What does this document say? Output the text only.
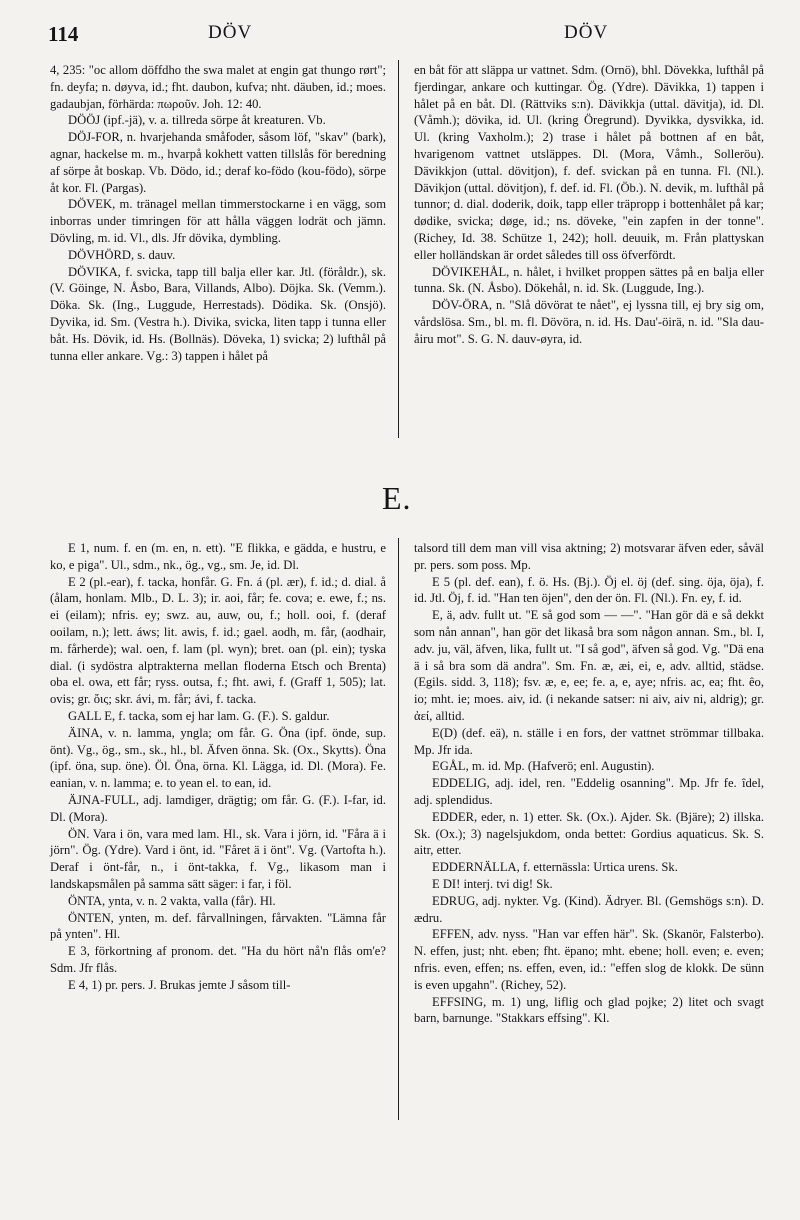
114	DÖV	DÖV

4, 235: "oc allom döffdho the swa malet at engin gat thungo rørt"; fn. deyfa; n. døyva, id.; fht. daubon, kufva; nht. däuben, id.; moes. gadaubjan, förhärda: πωροῦν. Joh. 12: 40.

DÖÖJ (ipf.-jä), v. a. tillreda sörpe åt kreaturen. Vb.

DÖJ-FOR, n. hvarjehanda småfoder, såsom löf, "skav" (bark), agnar, hackelse m. m., hvarpå kokhett vatten tillslås för beredning af sörpe åt boskap. Vb. Dödo, id.; deraf ko-födo (kou-födo), sörpe åt kor. Fl. (Pargas).

DÖVEK, m. tränagel mellan timmerstockarne i en vägg, som inborras under timringen för att hålla väggen lodrät och jämn. Dövling, m. id. Vl., dls. Jfr dövika, dymbling.

DÖVHÖRD, s. dauv.

DÖVIKA, f. svicka, tapp till balja eller kar. Jtl. (föråldr.), sk. (V. Göinge, N. Åsbo, Bara, Villands, Albo). Döjka. Sk. (Vemm.). Döka. Sk. (Ing., Luggude, Herrestads). Dödika. Sk. (Onsjö). Dyvika, id. Sm. (Vestra h.). Divika, svicka, liten tapp i tunna eller båt. Hs. Dövik, id. Hs. (Bollnäs). Döveka, 1) svicka; 2) lufthål på tunna eller ankare. Vg.: 3) tappen i hålet på

en båt för att släppa ur vattnet. Sdm. (Ornö), bhl. Dövekka, lufthål på fjerdingar, ankare och kuttingar. Ög. (Ydre). Dävikka, 1) tappen i hålet på en båt. Dl. (Rättviks s:n). Dävikkja (uttal. dävitja), id. Dl. (Våmh.); dövika, id. Ul. (kring Öregrund). Dyvikka, dysvikka, id. Ul. (kring Vaxholm.); 2) trase i hålet på bottnen af en båt, hvarigenom vattnet utsläppes. Dl. (Mora, Våmh., Solleröu). Dävikkjon (uttal. dövitjon), f. def. svickan på en tunna. Fl. (Nl.). Dävikjon (uttal. dövitjon), f. def. id. Fl. (Öb.). N. devik, m. lufthål på tunnor; d. dial. doderik, doik, tapp eller träpropp i bottenhålet på kar; dødike, svicka; døge, id.; ns. döveke, "ein zapfen in der tonne". (Richey, Id. 38. Schütze 1, 242); holl. deuuik, m. Från plattyskan eller holländskan är ordet således till oss öfverfördt.

DÖVIKEHÅL, n. hålet, i hvilket proppen sättes på en balja eller tunna. Sk. (N. Åsbo). Dökehål, n. id. Sk. (Luggude, Ing.).

DÖV-ÖRA, n. "Slå dövörat te nået", ej lyssna till, ej bry sig om, vårdslösa. Sm., bl. m. fl. Dövöra, n. id. Hs. Dau'-öirä, n. id. "Sla dau-åiru mot". S. G. N. dauv-øyra, id.

E.

E 1, num. f. en (m. en, n. ett). "E flikka, e gädda, e hustru, e ko, e piga". Ul., sdm., nk., ög., vg., sm. Je, id. Dl.

E 2 (pl.-ear), f. tacka, honfår. G. Fn. á (pl. ær), f. id.; d. dial. å (ålam, honlam. Mlb., D. L. 3); ir. aoi, får; fe. cova; e. ewe, f.; ns. ei (eilam); nfris. ey; swz. au, auw, ou, f.; holl. ooi, f. (deraf ooilam, n.); lett. áws; lit. awis, f. id.; gael. aodh, m. får, (aodhair, m. fårherde); wal. oen, f. lam (pl. wyn); bret. oan (pl. ein); tyska dial. (i sydöstra alptrakterna mellan floderna Etsch och Brenta) oba el. owa, ett får; ryss. outsa, f.; fht. awi, f. (Graff 1, 505); lat. ovis; gr. ὄις; skr. ávi, m. får; ávi, f. tacka.

GALL E, f. tacka, som ej har lam. G. (F.). S. galdur.

ÄINA, v. n. lamma, yngla; om får. G. Öna (ipf. önde, sup. önt). Vg., ög., sm., sk., hl., bl. Äfven önna. Sk. (Ox., Skytts). Öna (ipf. öna, sup. öne). Öl. Öna, örna. Kl. Lägga, id. Dl. (Mora). Fe. eanian, v. n. lamma; e. to yean el. to ean, id.

ÄJNA-FULL, adj. lamdiger, drägtig; om får. G. (F.). I-far, id. Dl. (Mora).

ÖN. Vara i ön, vara med lam. Hl., sk. Vara i jörn, id. "Fåra ä i jörn". Ög. (Ydre). Vard i önt, id. "Fåret ä i önt". Vg. (Vartofta h.). Deraf i önt-får, n., i önt-takka, f. Vg., likasom man i landskapsmålen på samma sätt säger: i far, i föl.

ÖNTA, ynta, v. n. 2 vakta, valla (får). Hl.

ÖNTEN, ynten, m. def. fårvallningen, fårvakten. "Lämna får på ynten". Hl.

E 3, förkortning af pronom. det. "Ha du hört nå'n flås om'e? Sdm. Jfr flås.

E 4, 1) pr. pers. J. Brukas jemte J såsom till-

talsord till dem man vill visa aktning; 2) motsvarar äfven eder, såväl pr. pers. som poss. Mp.

E 5 (pl. def. ean), f. ö. Hs. (Bj.). Öj el. öj (def. sing. öja, öja), f. id. Jtl. Öj, f. id. "Han ten öjen", den der ön. Fl. (Nl.). Fn. ey, f. id.

E, ä, adv. fullt ut. "E så god som — —". "Han gör dä e så dekkt som nån annan", han gör det likaså bra som någon annan. Sm., bl. I, adv. ju, väl, äfven, lika, fullt ut. "I så god", äfven så god. Vg. "Dä ena ä i så bra som dä andra". Sm. Fn. æ, æi, ei, e, adv. alltid, städse. (Egils. sidd. 3, 118); fsv. æ, e, ee; fe. a, e, aye; nfris. ac, ea; fht. êo, io; mht. ie; moes. aiv, id. (i nekande satser: ni aiv, aiv ni, aldrig); gr. ἀεί, alltid.

E(D) (def. eä), n. ställe i en fors, der vattnet strömmar tillbaka. Mp. Jfr ida.

EGÅL, m. id. Mp. (Hafverö; enl. Augustin).

EDDELIG, adj. idel, ren. "Eddelig osanning". Mp. Jfr fe. îdel, adj. splendidus.

EDDER, eder, n. 1) etter. Sk. (Ox.). Ajder. Sk. (Bjäre); 2) illska. Sk. (Ox.); 3) nagelsjukdom, onda bettet: Gordius aquaticus. Sk. S. aitr, etter.

EDDERNÄLLA, f. etternässla: Urtica urens. Sk.

E DI! interj. tvi dig! Sk.

EDRUG, adj. nykter. Vg. (Kind). Ädryer. Bl. (Gemshögs s:n). D. ædru.

EFFEN, adv. nyss. "Han var effen här". Sk. (Skanör, Falsterbo). N. effen, just; nht. eben; fht. ëpano; mht. ebene; holl. even; e. even; nfris. even, effen; ns. effen, even, id.: "effen slog de klokk. De sünn is even upgahn". (Richey, 52).

EFFSING, m. 1) ung, liflig och glad pojke; 2) litet och svagt barn, barnunge. "Stakkars effsing". Kl.
